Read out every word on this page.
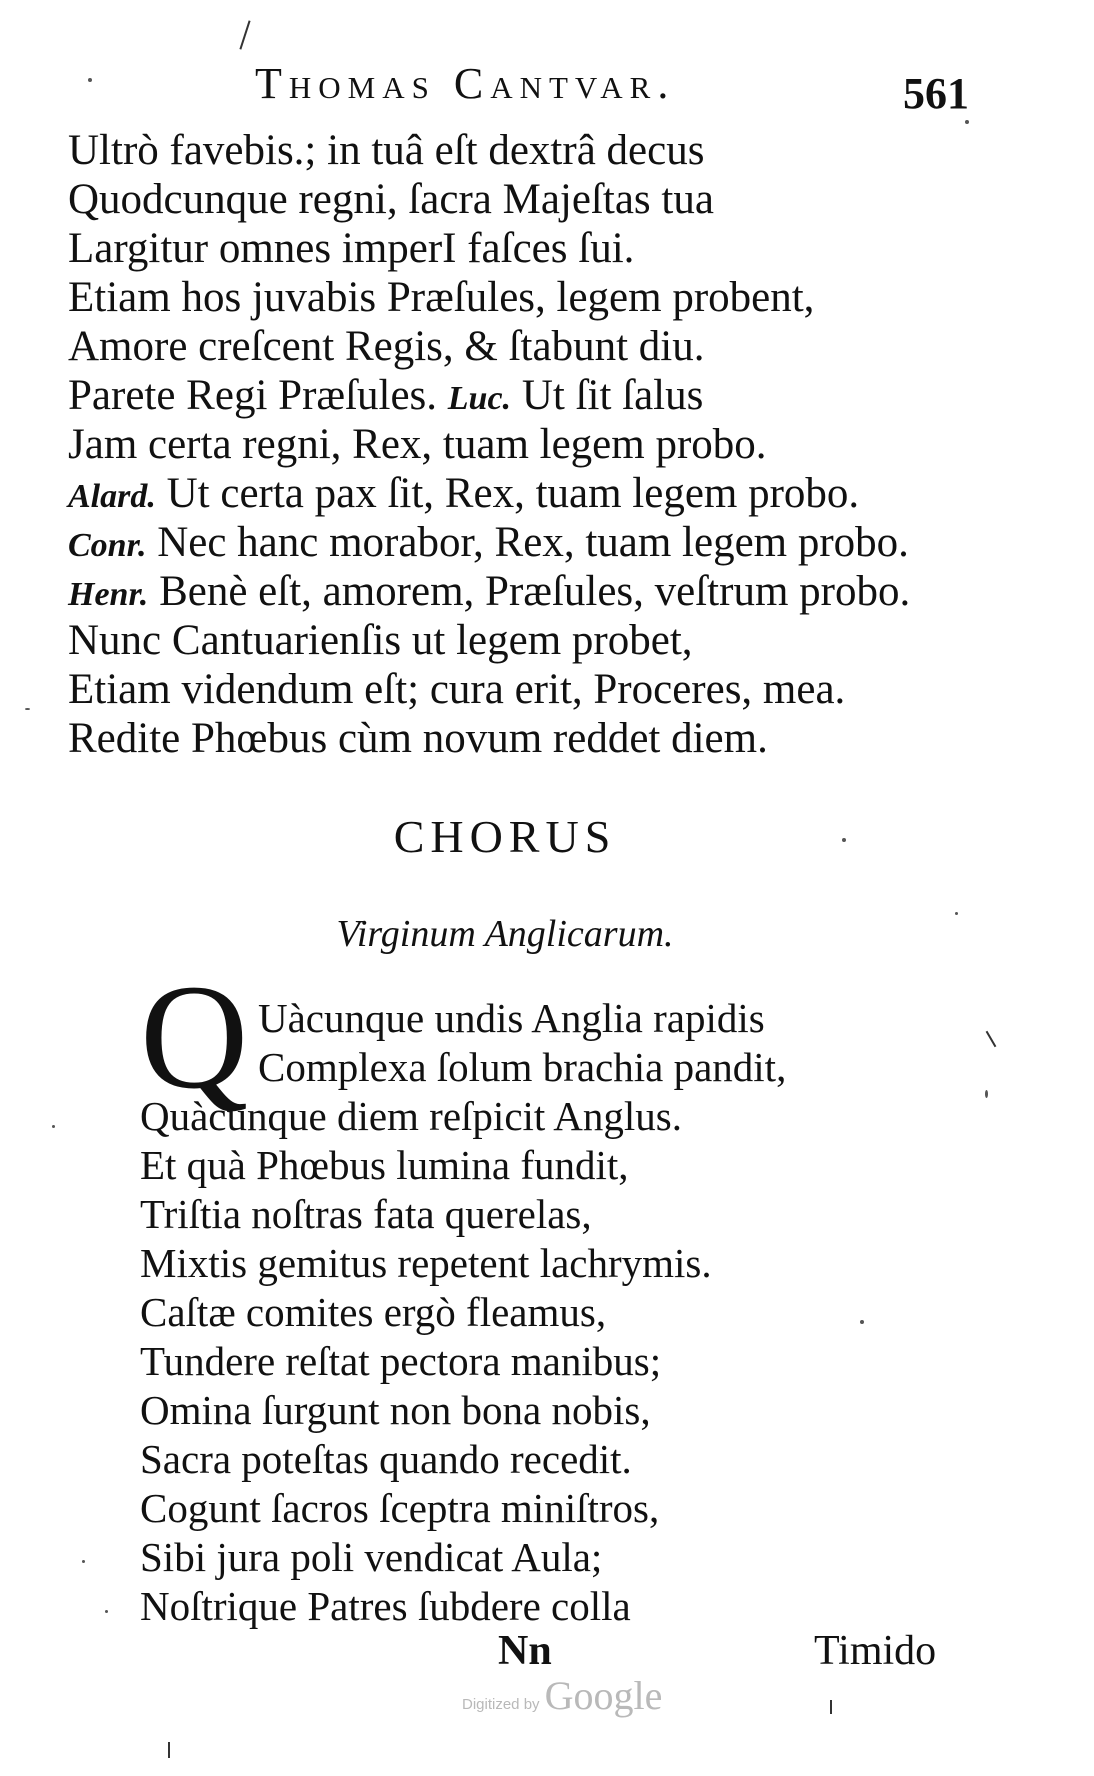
Thomas Cantvar.	561
Ultrò favebis.; in tuâ eſt dextrâ decus
Quodcunque regni, ſacra Majeſtas tua
Largitur omnes imperI faſces ſui.
Etiam hos juvabis Præſules, legem probent,
Amore creſcent Regis, & ſtabunt diu.
Parete Regi Præſules. Luc. Ut ſit ſalus
Jam certa regni, Rex, tuam legem probo.
Alard. Ut certa pax ſit, Rex, tuam legem probo.
Conr. Nec hanc morabor, Rex, tuam legem probo.
Henr. Benè eſt, amorem, Præſules, veſtrum probo.
Nunc Cantuarienſis ut legem probet,
Etiam videndum eſt; cura erit, Proceres, mea.
Redite Phœbus cùm novum reddet diem.
CHORUS
Virginum Anglicarum.
Q Uàcunque undis Anglia rapidis
Complexa ſolum brachia pandit,
Quàcunque diem reſpicit Anglus.
Et quà Phœbus lumina fundit,
Triſtia noſtras fata querelas,
Mixtis gemitus repetent lachrymis.
Caſtæ comites ergò fleamus,
Tundere reſtat pectora manibus;
Omina ſurgunt non bona nobis,
Sacra poteſtas quando recedit.
Cogunt ſacros ſceptra miniſtros,
Sibi jura poli vendicat Aula;
Noſtrique Patres ſubdere colla
Nn	Timido
Digitized by Google
